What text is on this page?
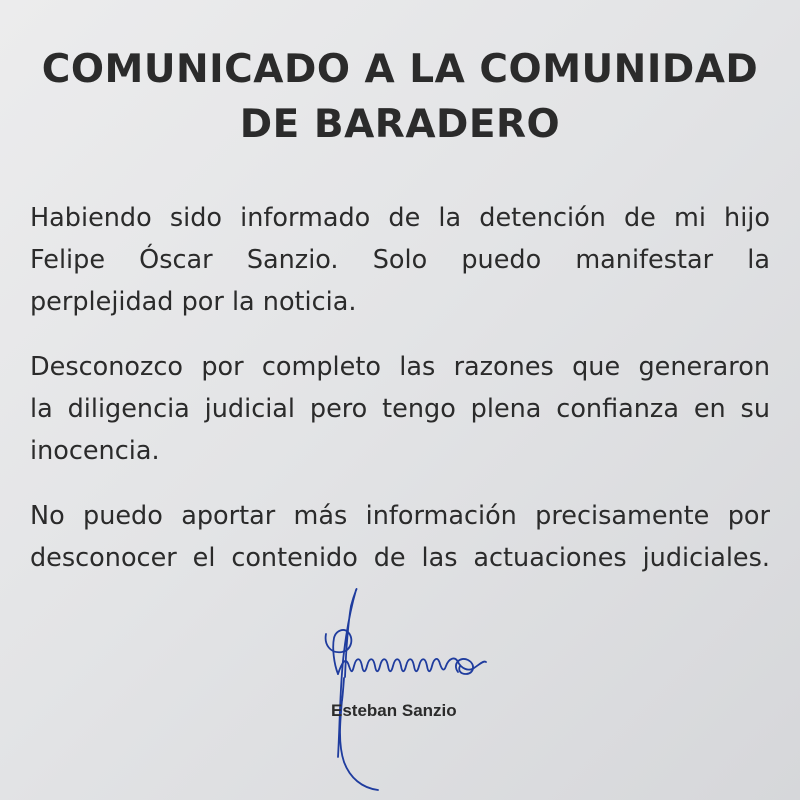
COMUNICADO A LA COMUNIDAD
DE BARADERO
Habiendo sido informado de la detención de mi hijo
Felipe Óscar Sanzio. Solo puedo manifestar la
perplejidad por la noticia.
Desconozco por completo las razones que generaron
la diligencia judicial pero tengo plena confianza en su
inocencia.
No puedo aportar más información precisamente por
desconocer el contenido de las actuaciones judiciales.
Esteban Sanzio
